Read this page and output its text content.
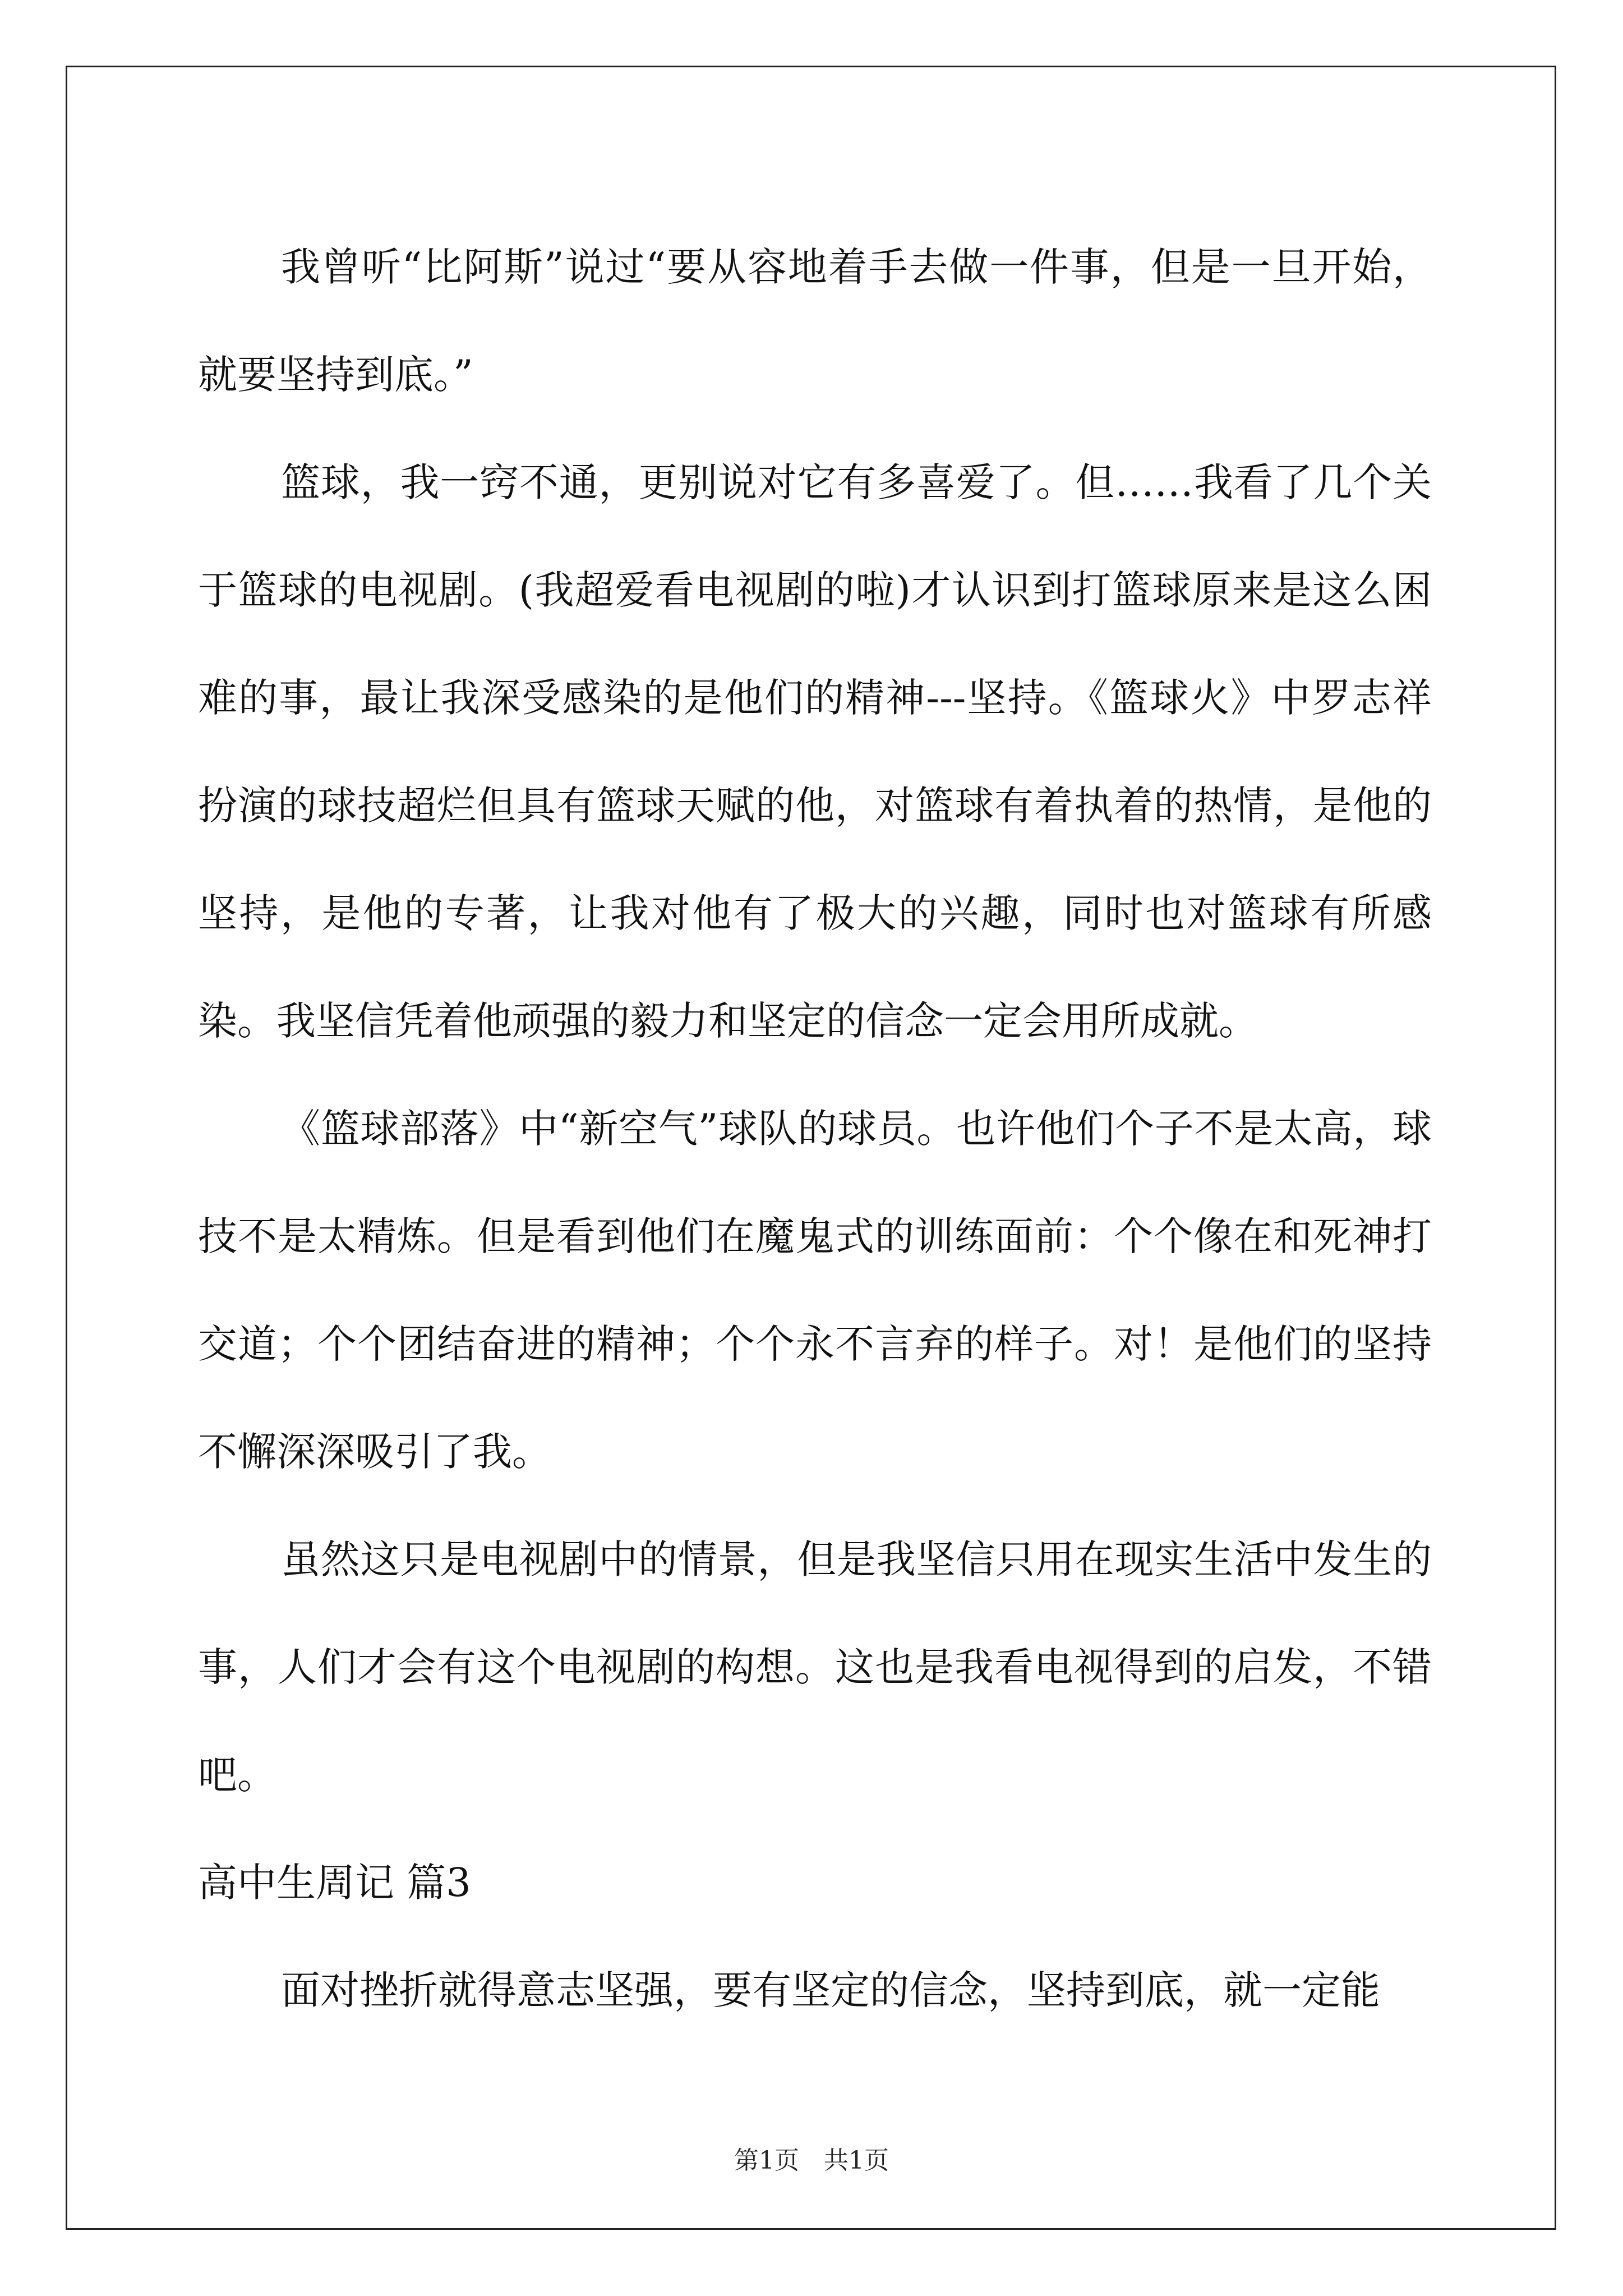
我曾听“比阿斯”说过“要从容地着手去做一件事，但是一旦开始，就要坚持到底。”

篮球，我一窍不通，更别说对它有多喜爱了。但……我看了几个关于篮球的电视剧。(我超爱看电视剧的啦)才认识到打篮球原来是这么困难的事，最让我深受感染的是他们的精神---坚持。《篮球火》中罗志祥扮演的球技超烂但具有篮球天赋的他，对篮球有着执着的热情，是他的坚持，是他的专著，让我对他有了极大的兴趣，同时也对篮球有所感染。我坚信凭着他顽强的毅力和坚定的信念一定会用所成就。

《篮球部落》中“新空气”球队的球员。也许他们个子不是太高，球技不是太精炼。但是看到他们在魔鬼式的训练面前：个个像在和死神打交道；个个团结奋进的精神；个个永不言弃的样子。对！是他们的坚持不懈深深吸引了我。

虽然这只是电视剧中的情景，但是我坚信只用在现实生活中发生的事，人们才会有这个电视剧的构想。这也是我看电视得到的启发，不错吧。

高中生周记 篇3

面对挫折就得意志坚强，要有坚定的信念，坚持到底，就一定能

第1页　共1页
